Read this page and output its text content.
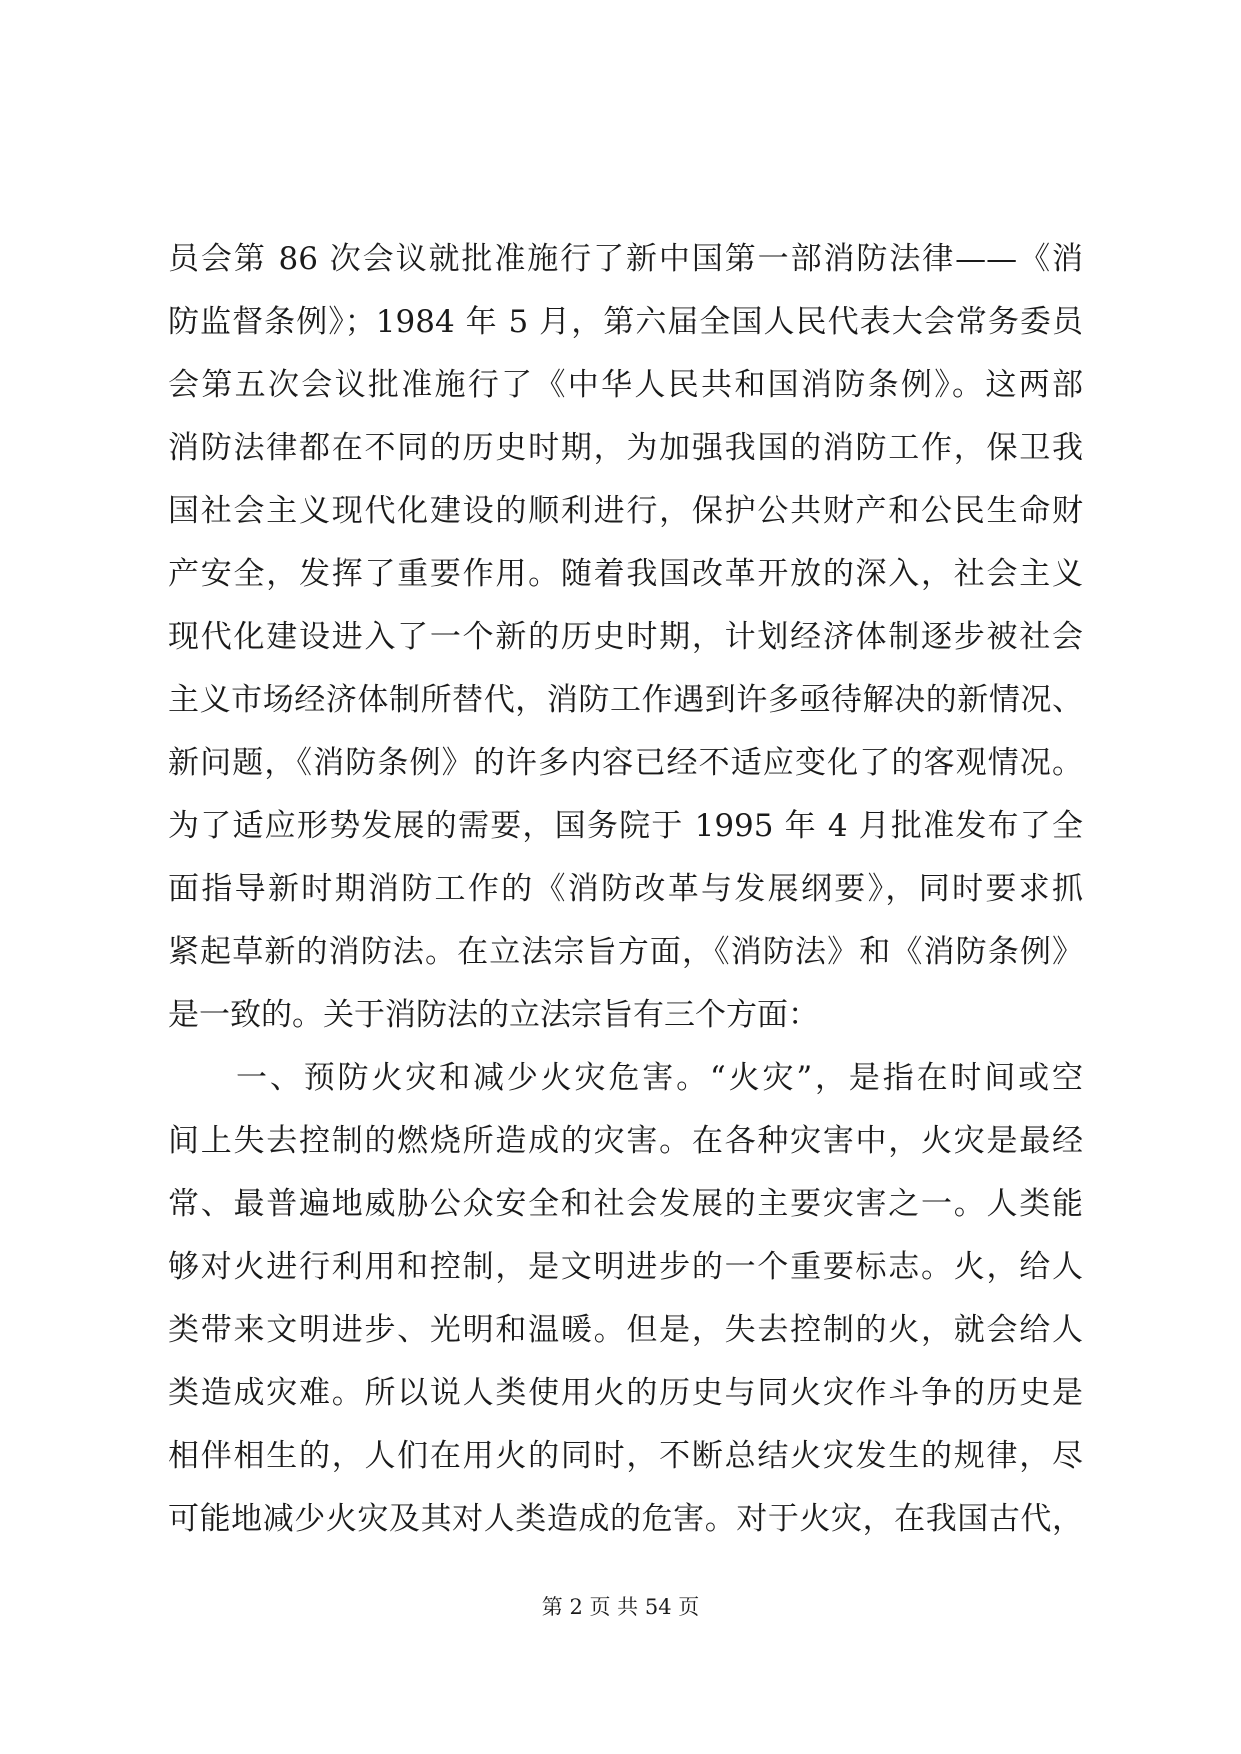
员会第 86 次会议就批准施行了新中国第一部消防法律——《消
防监督条例》；1984 年 5 月，第六届全国人民代表大会常务委员
会第五次会议批准施行了《中华人民共和国消防条例》。这两部
消防法律都在不同的历史时期，为加强我国的消防工作，保卫我
国社会主义现代化建设的顺利进行，保护公共财产和公民生命财
产安全，发挥了重要作用。随着我国改革开放的深入，社会主义
现代化建设进入了一个新的历史时期，计划经济体制逐步被社会
主义市场经济体制所替代，消防工作遇到许多亟待解决的新情况、
新问题，《消防条例》的许多内容已经不适应变化了的客观情况。
为了适应形势发展的需要，国务院于 1995 年 4 月批准发布了全
面指导新时期消防工作的《消防改革与发展纲要》，同时要求抓
紧起草新的消防法。在立法宗旨方面，《消防法》和《消防条例》
是一致的。关于消防法的立法宗旨有三个方面：
一、预防火灾和减少火灾危害。“火灾”，是指在时间或空
间上失去控制的燃烧所造成的灾害。在各种灾害中，火灾是最经
常、最普遍地威胁公众安全和社会发展的主要灾害之一。人类能
够对火进行利用和控制，是文明进步的一个重要标志。火，给人
类带来文明进步、光明和温暖。但是，失去控制的火，就会给人
类造成灾难。所以说人类使用火的历史与同火灾作斗争的历史是
相伴相生的，人们在用火的同时，不断总结火灾发生的规律，尽
可能地减少火灾及其对人类造成的危害。对于火灾，在我国古代，
第 2 页 共 54 页
